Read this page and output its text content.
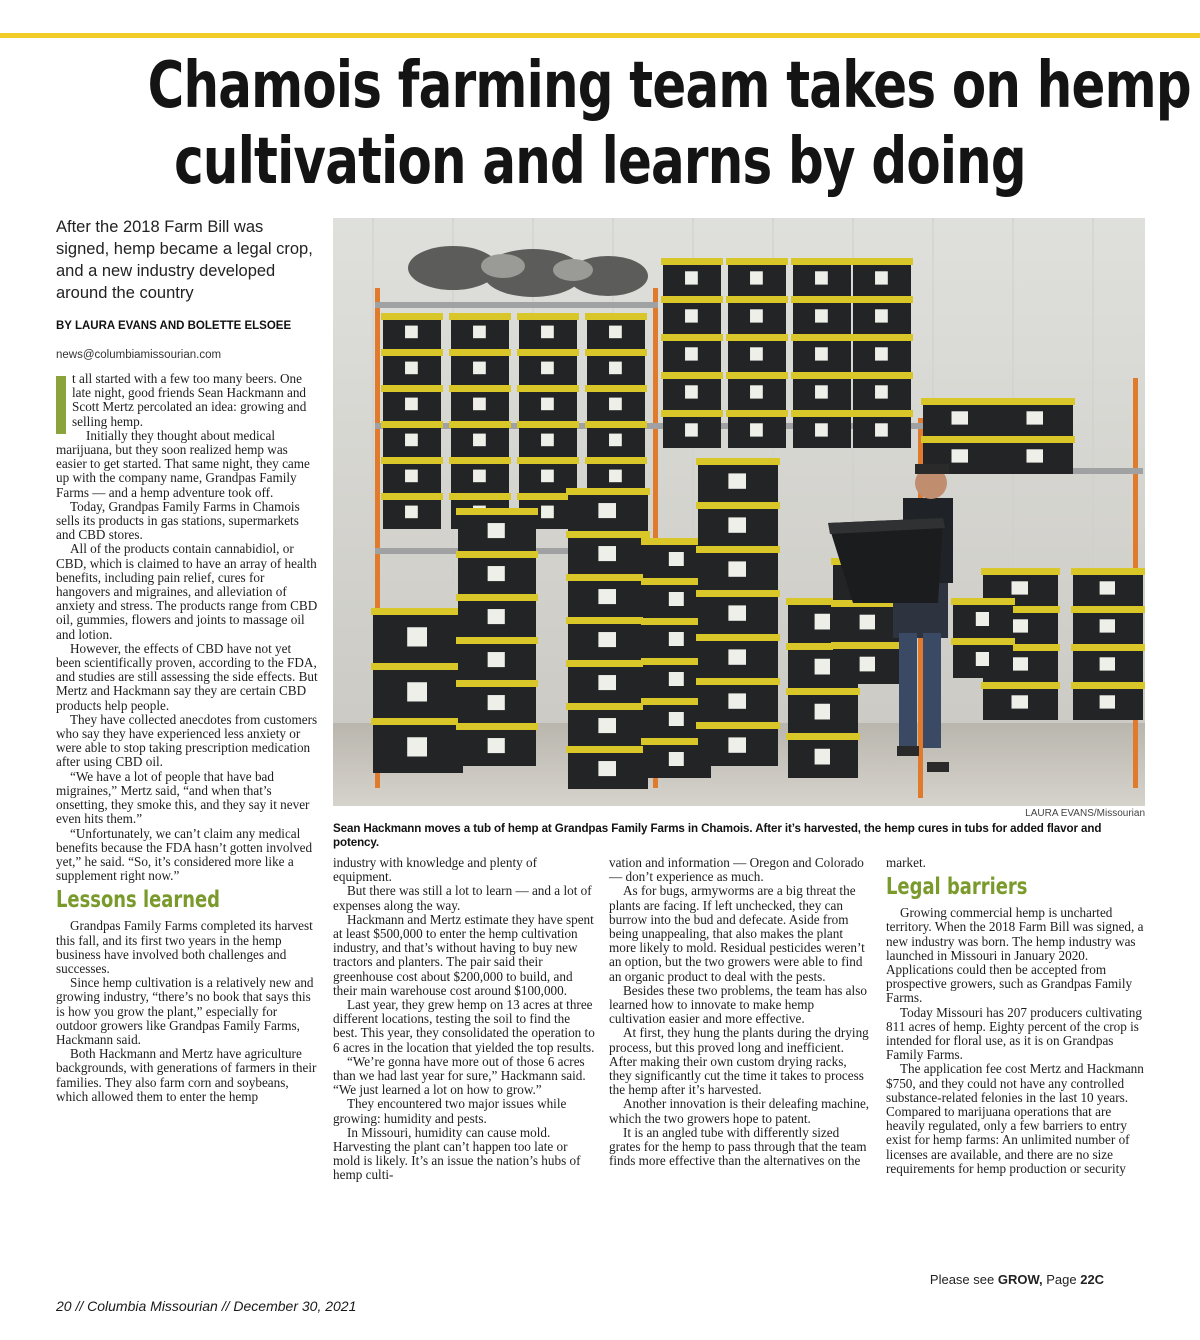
Chamois farming team takes on hemp
cultivation and learns by doing
After the 2018 Farm Bill was signed, hemp became a legal crop, and a new industry developed around the country
BY LAURA EVANS AND BOLETTE ELSOEE
news@columbiamissourian.com

t all started with a few too many beers. One late night, good friends Sean Hackmann and Scott Mertz percolated an idea: growing and selling hemp.

Initially they thought about medical marijuana, but they soon realized hemp was easier to get started. That same night, they came up with the company name, Grandpas Family Farms — and a hemp adventure took off.

Today, Grandpas Family Farms in Chamois sells its products in gas stations, supermarkets and CBD stores.

All of the products contain cannabidiol, or CBD, which is claimed to have an array of health benefits, including pain relief, cures for hangovers and migraines, and alleviation of anxiety and stress. The products range from CBD oil, gummies, flowers and joints to massage oil and lotion.

However, the effects of CBD have not yet been scientifically proven, according to the FDA, and studies are still assessing the side effects. But Mertz and Hackmann say they are certain CBD products help people.

They have collected anecdotes from customers who say they have experienced less anxiety or were able to stop taking prescription medication after using CBD oil.

“We have a lot of people that have bad migraines,” Mertz said, “and when that’s onsetting, they smoke this, and they say it never even hits them.”

“Unfortunately, we can’t claim any medical benefits because the FDA hasn’t gotten involved yet,” he said. “So, it’s considered more like a supplement right now.”

Lessons learned

Grandpas Family Farms completed its harvest this fall, and its first two years in the hemp business have involved both challenges and successes.

Since hemp cultivation is a relatively new and growing industry, “there’s no book that says this is how you grow the plant,” especially for outdoor growers like Grandpas Family Farms, Hackmann said.

Both Hackmann and Mertz have agriculture backgrounds, with generations of farmers in their families. They also farm corn and soybeans, which allowed them to enter the hemp

LAURA EVANS/Missourian
Sean Hackmann moves a tub of hemp at Grandpas Family Farms in Chamois. After it’s harvested, the hemp cures in tubs for added flavor and potency.

industry with knowledge and plenty of equipment.

But there was still a lot to learn — and a lot of expenses along the way.

Hackmann and Mertz estimate they have spent at least $500,000 to enter the hemp cultivation industry, and that’s without having to buy new tractors and planters. The pair said their greenhouse cost about $200,000 to build, and their main warehouse cost around $100,000.

Last year, they grew hemp on 13 acres at three different locations, testing the soil to find the best. This year, they consolidated the operation to 6 acres in the location that yielded the top results.

“We’re gonna have more out of those 6 acres than we had last year for sure,” Hackmann said. “We just learned a lot on how to grow.”

They encountered two major issues while growing: humidity and pests.

In Missouri, humidity can cause mold. Harvesting the plant can’t happen too late or mold is likely. It’s an issue the nation’s hubs of hemp culti-

vation and information — Oregon and Colorado — don’t experience as much.

As for bugs, armyworms are a big threat the plants are facing. If left unchecked, they can burrow into the bud and defecate. Aside from being unappealing, that also makes the plant more likely to mold. Residual pesticides weren’t an option, but the two growers were able to find an organic product to deal with the pests.

Besides these two problems, the team has also learned how to innovate to make hemp cultivation easier and more effective.

At first, they hung the plants during the drying process, but this proved long and inefficient. After making their own custom drying racks, they significantly cut the time it takes to process the hemp after it’s harvested.

Another innovation is their deleafing machine, which the two growers hope to patent.

It is an angled tube with differently sized grates for the hemp to pass through that the team finds more effective than the alternatives on the

market.

Legal barriers

Growing commercial hemp is uncharted territory. When the 2018 Farm Bill was signed, a new industry was born. The hemp industry was launched in Missouri in January 2020. Applications could then be accepted from prospective growers, such as Grandpas Family Farms.

Today Missouri has 207 producers cultivating 811 acres of hemp. Eighty percent of the crop is intended for floral use, as it is on Grandpas Family Farms.

The application fee cost Mertz and Hackmann $750, and they could not have any controlled substance-related felonies in the last 10 years. Compared to marijuana operations that are heavily regulated, only a few barriers to entry exist for hemp farms: An unlimited number of licenses are available, and there are no size requirements for hemp production or security

Please see GROW, Page 22C
20 // Columbia Missourian // December 30, 2021
